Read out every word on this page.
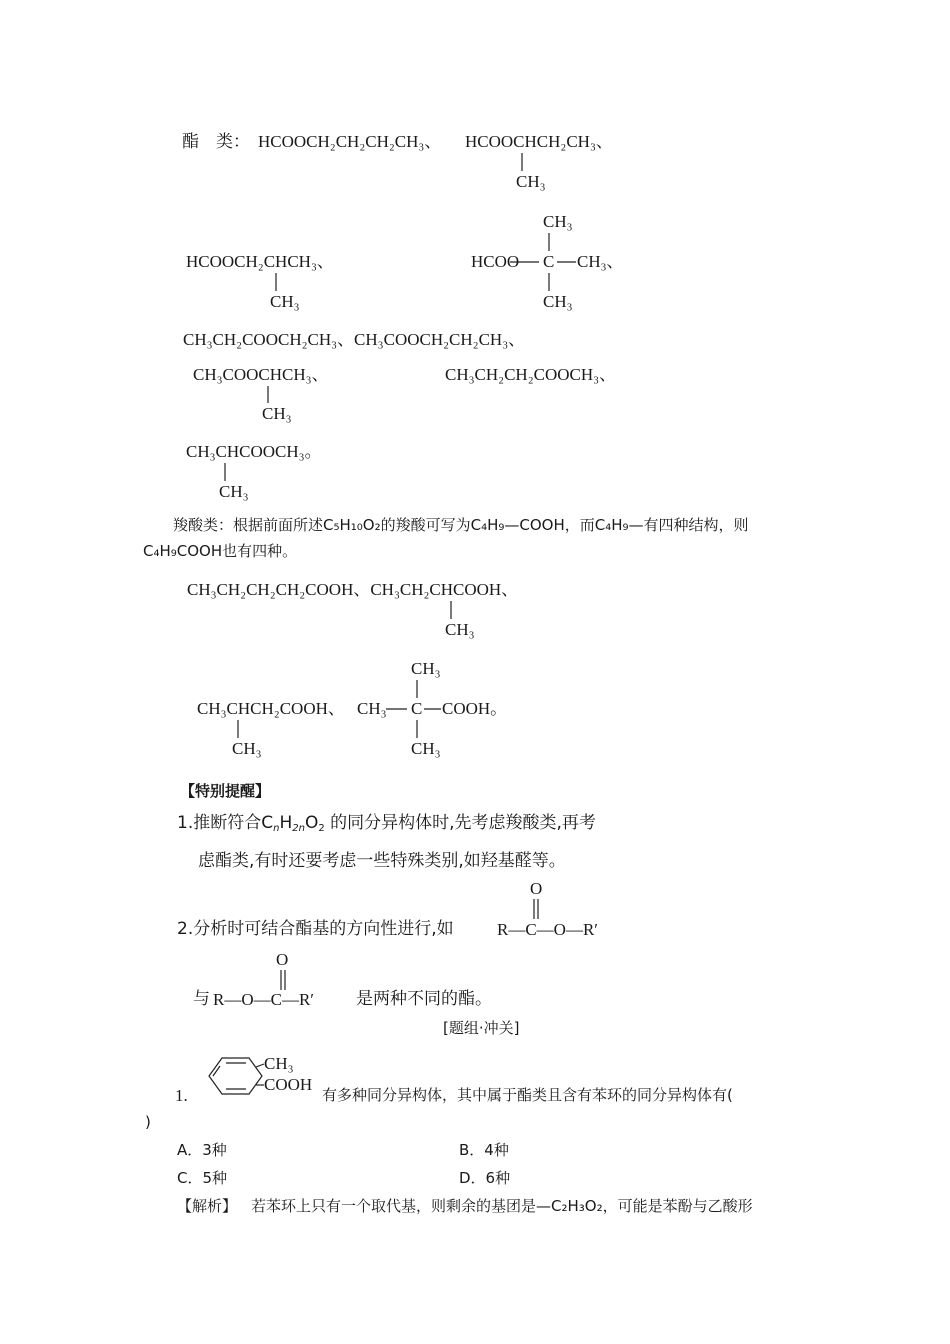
酯　类： HCOOCH₂CH₂CH₂CH₃、 HCOOCHCH₂CH₃、
CH₃
HCOOCH₂CHCH₃、
CH₃
CH₃
HCOO C CH₃、
CH₃
CH₃CH₂COOCH₂CH₃、CH₃COOCH₂CH₂CH₃、
CH₃COOCHCH₃、
CH₃
CH₃CH₂CH₂COOCH₃、
CH₃CHCOOCH₃。
CH₃
羧酸类：根据前面所述C₅H₁₀O₂的羧酸可写为C₄H₉—COOH，而C₄H₉—有四种结构，则
C₄H₉COOH也有四种。
CH₃CH₂CH₂CH₂COOH、CH₃CH₂CHCOOH、
CH₃
CH₃
CH₃CHCH₂COOH、
CH₃
CH₃ C COOH。
CH₃
【特别提醒】
1.推断符合$C_nH_{2n}O_2$ 的同分异构体时,先考虑羧酸类,再考
虑酯类,有时还要考虑一些特殊类别,如羟基醛等。
O
2.分析时可结合酯基的方向性进行,如	R—C—O—R′
O
与 R—O—C—R′ 是两种不同的酯。
[题组·冲关]
1.
CH₃
COOH
有多种同分异构体，其中属于酯类且含有苯环的同分异构体有(
)
A．3种	B．4种
C．5种	D．6种
【解析】 若苯环上只有一个取代基，则剩余的基团是—C₂H₃O₂，可能是苯酚与乙酸形
